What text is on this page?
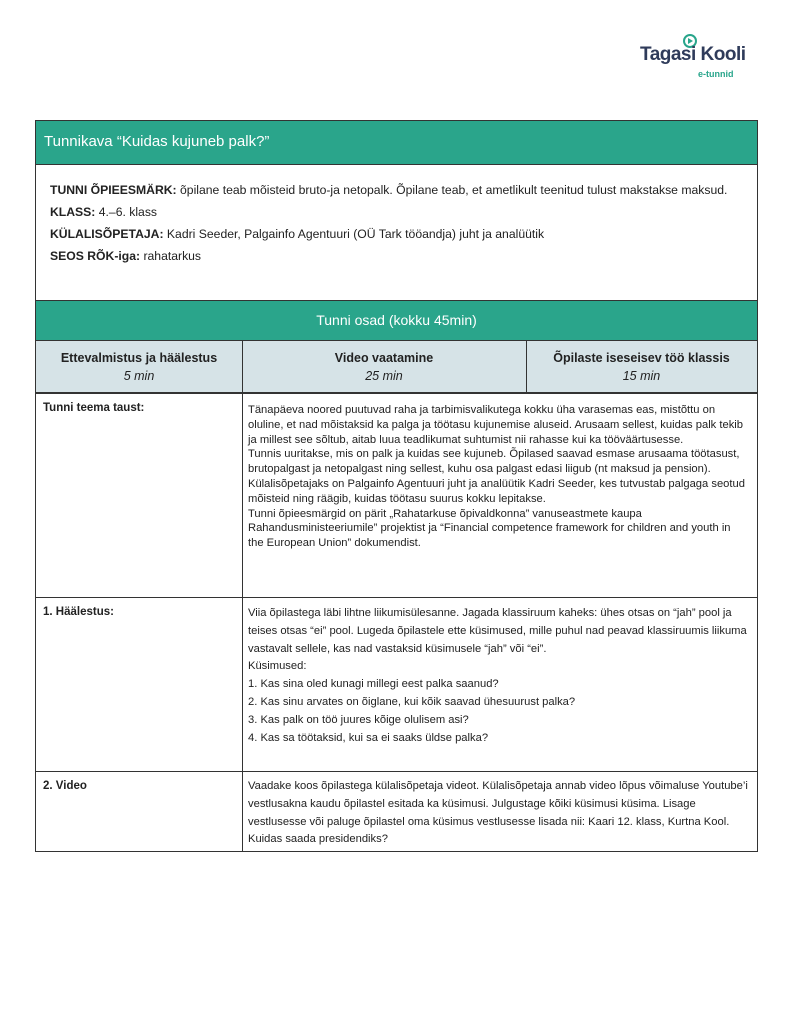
Tagasi Kooli
e-tunnid
Tunnikava “Kuidas kujuneb palk?”
TUNNI ÕPIEESMÄRK: õpilane teab mõisteid bruto-ja netopalk. Õpilane teab, et ametlikult teenitud tulust makstakse maksud.
KLASS: 4.–6. klass
KÜLALISÕPETAJA: Kadri Seeder, Palgainfo Agentuuri (OÜ Tark tööandja) juht ja analüütik
SEOS RÕK-iga: rahatarkus
Tunni osad (kokku 45min)
Ettevalmistus ja häälestus
5 min
Video vaatamine
25 min
Õpilaste iseseisev töö klassis
15 min
Tunni teema taust:	Tänapäeva noored puutuvad raha ja tarbimisvalikutega kokku üha varasemas eas, mistõttu on oluline, et nad mõistaksid ka palga ja töötasu kujunemise aluseid. Arusaam sellest, kuidas palk tekib ja millest see sõltub, aitab luua teadlikumat suhtumist nii rahasse kui ka tööväärtusesse.

Tunnis uuritakse, mis on palk ja kuidas see kujuneb. Õpilased saavad esmase arusaama töötasust, brutopalgast ja netopalgast ning sellest, kuhu osa palgast edasi liigub (nt maksud ja pension).

Külalisõpetajaks on Palgainfo Agentuuri juht ja analüütik Kadri Seeder, kes tutvustab palgaga seotud mõisteid ning räägib, kuidas töötasu suurus kokku lepitakse.

Tunni õpieesmärgid on pärit „Rahatarkuse õpivaldkonna” vanuseastmete kaupa Rahandusministeeriumile” projektist ja “Financial competence framework for children and youth in the European Union” dokumendist.

1. Häälestus:	Viia õpilastega läbi lihtne liikumisülesanne. Jagada klassiruum kaheks: ühes otsas on “jah” pool ja teises otsas “ei” pool. Lugeda õpilastele ette küsimused, mille puhul nad peavad klassiruumis liikuma vastavalt sellele, kas nad vastaksid küsimusele “jah” või “ei”.

Küsimused:

1. Kas sina oled kunagi millegi eest palka saanud?

2. Kas sinu arvates on õiglane, kui kõik saavad ühesuurust palka?

3. Kas palk on töö juures kõige olulisem asi?

4. Kas sa töötaksid, kui sa ei saaks üldse palka?

2. Video	Vaadake koos õpilastega külalisõpetaja videot. Külalisõpetaja annab video lõpus võimaluse Youtube’i vestlusakna kaudu õpilastel esitada ka küsimusi. Julgustage kõiki küsimusi küsima. Lisage vestlusesse või paluge õpilastel oma küsimus vestlusesse lisada nii: Kaari 12. klass, Kurtna Kool. Kuidas saada presidendiks?
